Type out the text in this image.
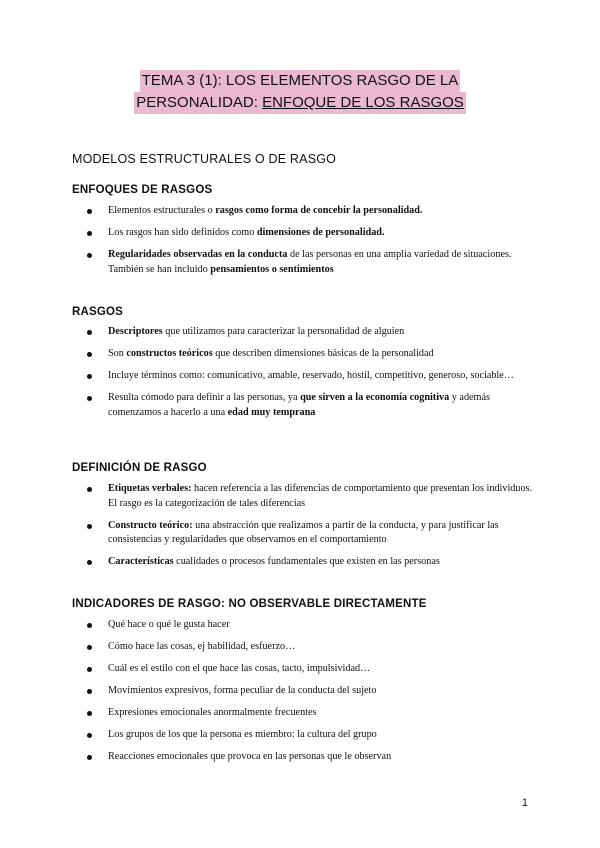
TEMA 3 (1): LOS ELEMENTOS RASGO DE LA
PERSONALIDAD: ENFOQUE DE LOS RASGOS
MODELOS ESTRUCTURALES O DE RASGO
ENFOQUES DE RASGOS
Elementos estructurales o rasgos como forma de concebir la personalidad.
Los rasgos han sido definidos como dimensiones de personalidad.
Regularidades observadas en la conducta de las personas en una amplia variedad de situaciones. También se han incluido pensamientos o sentimientos
RASGOS
Descriptores que utilizamos para caracterizar la personalidad de alguien
Son constructos teóricos que describen dimensiones básicas de la personalidad
Incluye términos como: comunicativo, amable, reservado, hostil, competitivo, generoso, sociable…
Resulta cómodo para definir a las personas, ya que sirven a la economía cognitiva y además comenzamos a hacerlo a una edad muy temprana
DEFINICIÓN DE RASGO
Etiquetas verbales: hacen referencia a las diferencias de comportamiento que presentan los individuos. El rasgo es la categorización de tales diferencias
Constructo teórico: una abstracción que realizamos a partir de la conducta, y para justificar las consistencias y regularidades que observamos en el comportamiento
Características cualidades o procesos fundamentales que existen en las personas
INDICADORES DE RASGO: NO OBSERVABLE DIRECTAMENTE
Qué hace o qué le gusta hacer
Cómo hace las cosas, ej habilidad, esfuerzo…
Cuál es el estilo con el que hace las cosas, tacto, impulsividad…
Movimientos expresivos, forma peculiar de la conducta del sujeto
Expresiones emocionales anormalmente frecuentes
Los grupos de los que la persona es miembro: la cultura del grupo
Reacciones emocionales que provoca en las personas que le observan
1
